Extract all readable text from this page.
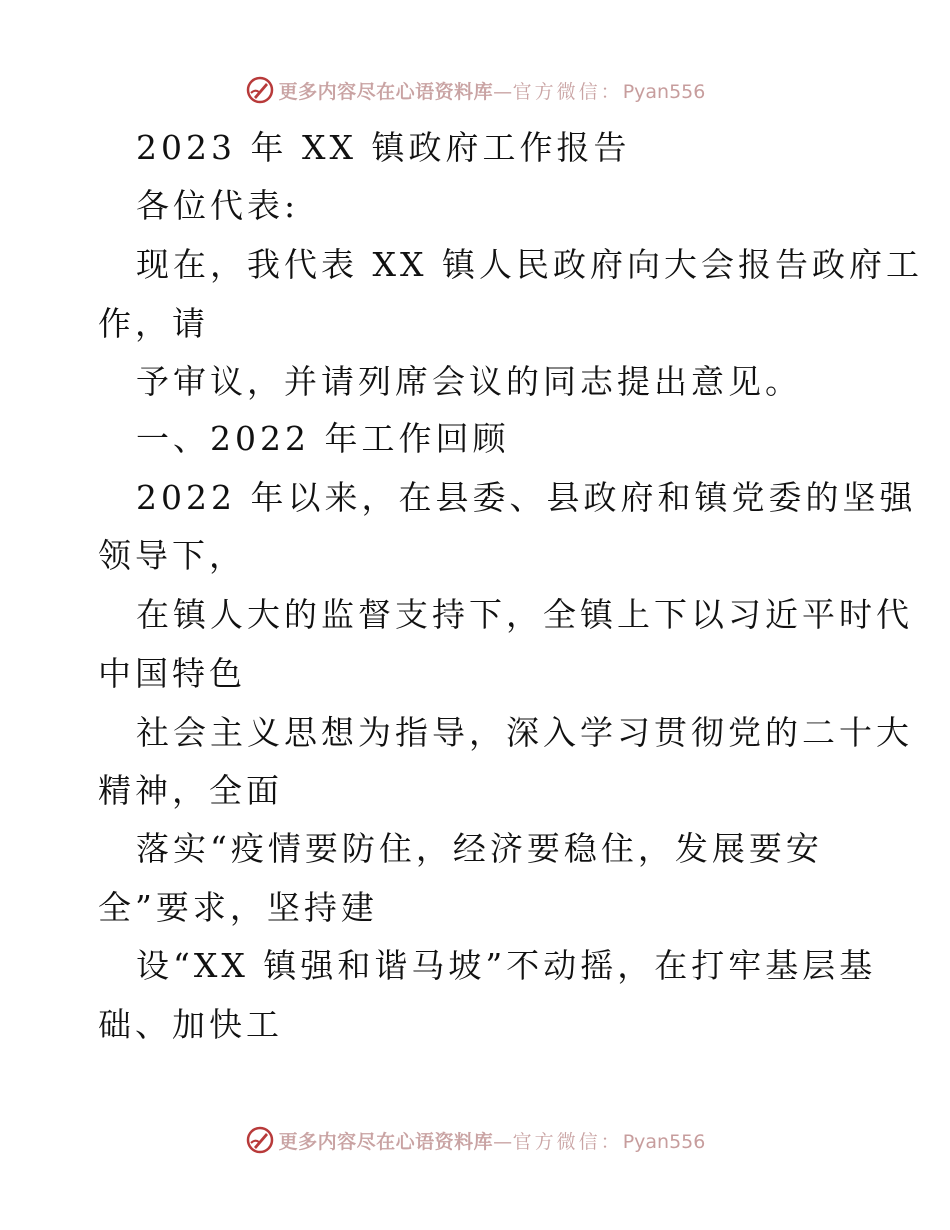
更多内容尽在心语资料库—官方微信：Pyan556
2023 年 XX 镇政府工作报告
各位代表:
现在，我代表 XX 镇人民政府向大会报告政府工
作，请
予审议，并请列席会议的同志提出意见。
一、2022 年工作回顾
2022 年以来，在县委、县政府和镇党委的坚强
领导下，
在镇人大的监督支持下，全镇上下以习近平时代
中国特色
社会主义思想为指导，深入学习贯彻党的二十大
精神，全面
落实“疫情要防住，经济要稳住，发展要安
全”要求，坚持建
设“XX 镇强和谐马坡”不动摇，在打牢基层基
础、加快工
更多内容尽在心语资料库—官方微信：Pyan556
